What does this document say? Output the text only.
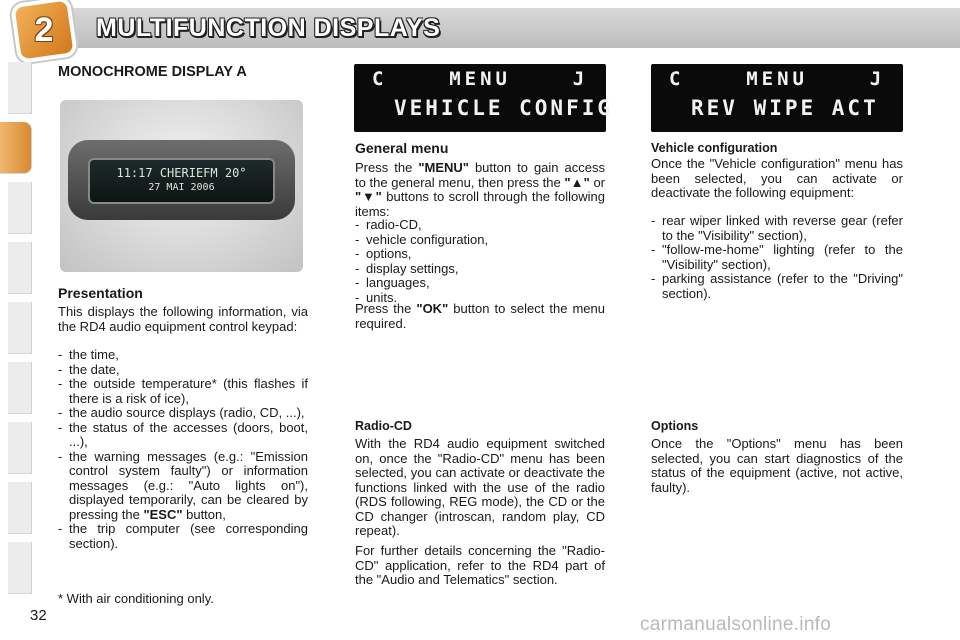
2	MULTIFUNCTION DISPLAYS
MONOCHROME DISPLAY A
11:17 CHERIEFM 20°
27 MAI 2006
Presentation
This displays the following information, via the RD4 audio equipment control keypad:
- the time,
- the date,
- the outside temperature* (this flashes if there is a risk of ice),
- the audio source displays (radio, CD, ...),
- the status of the accesses (doors, boot, ...),
- the warning messages (e.g.: "Emission control system faulty") or information messages (e.g.: "Auto lights on"), displayed temporarily, can be cleared by pressing the "ESC" button,
- the trip computer (see corresponding section).
* With air conditioning only.
32
C    MENU    J
VEHICLE CONFIG
General menu
Press the "MENU" button to gain access to the general menu, then press the "▲" or "▼" buttons to scroll through the following items:
- radio-CD,
- vehicle configuration,
- options,
- display settings,
- languages,
- units.
Press the "OK" button to select the menu required.
Radio-CD
With the RD4 audio equipment switched on, once the "Radio-CD" menu has been selected, you can activate or deactivate the functions linked with the use of the radio (RDS following, REG mode), the CD or the CD changer (introscan, random play, CD repeat).
For further details concerning the "Radio-CD" application, refer to the RD4 part of the "Audio and Telematics" section.
C    MENU    J
REV WIPE ACT
Vehicle configuration
Once the "Vehicle configuration" menu has been selected, you can activate or deactivate the following equipment:
- rear wiper linked with reverse gear (refer to the "Visibility" section),
- "follow-me-home" lighting (refer to the "Visibility" section),
- parking assistance (refer to the "Driving" section).
Options
Once the "Options" menu has been selected, you can start diagnostics of the status of the equipment (active, not active, faulty).
carmanualsonline.info
